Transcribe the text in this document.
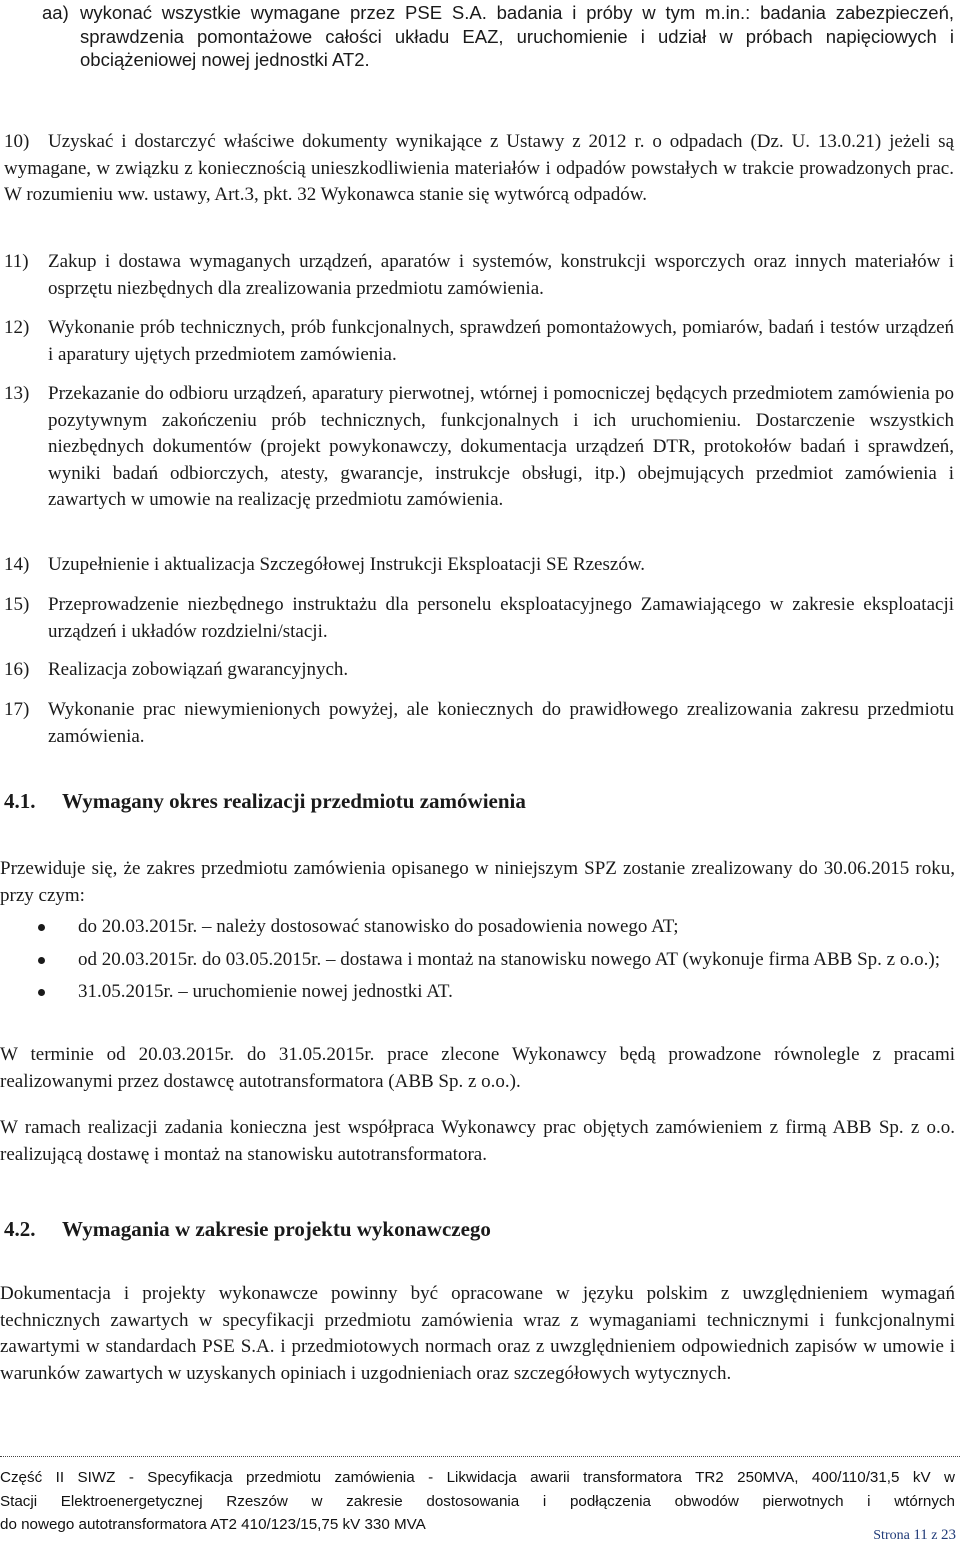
aa) wykonać wszystkie wymagane przez PSE S.A. badania i próby w tym m.in.: badania zabezpieczeń, sprawdzenia pomontażowe całości układu EAZ, uruchomienie i udział w próbach napięciowych i obciążeniowej nowej jednostki AT2.
10) Uzyskać i dostarczyć właściwe dokumenty wynikające z Ustawy z 2012 r. o odpadach (Dz. U. 13.0.21) jeżeli są wymagane, w związku z koniecznością unieszkodliwienia materiałów i odpadów powstałych w trakcie prowadzonych prac. W rozumieniu ww. ustawy, Art.3, pkt. 32 Wykonawca stanie się wytwórcą odpadów.
11) Zakup i dostawa wymaganych urządzeń, aparatów i systemów, konstrukcji wsporczych oraz innych materiałów i osprzętu niezbędnych dla zrealizowania przedmiotu zamówienia.
12) Wykonanie prób technicznych, prób funkcjonalnych, sprawdzeń pomontażowych, pomiarów, badań i testów urządzeń i aparatury ujętych przedmiotem zamówienia.
13) Przekazanie do odbioru urządzeń, aparatury pierwotnej, wtórnej i pomocniczej będących przedmiotem zamówienia po pozytywnym zakończeniu prób technicznych, funkcjonalnych i ich uruchomieniu. Dostarczenie wszystkich niezbędnych dokumentów (projekt powykonawczy, dokumentacja urządzeń DTR, protokołów badań i sprawdzeń, wyniki badań odbiorczych, atesty, gwarancje, instrukcje obsługi, itp.) obejmujących przedmiot zamówienia i zawartych w umowie na realizację przedmiotu zamówienia.
14) Uzupełnienie i aktualizacja Szczegółowej Instrukcji Eksploatacji SE Rzeszów.
15) Przeprowadzenie niezbędnego instruktażu dla personelu eksploatacyjnego Zamawiającego w zakresie eksploatacji urządzeń i układów rozdzielni/stacji.
16) Realizacja zobowiązań gwarancyjnych.
17) Wykonanie prac niewymienionych powyżej, ale koniecznych do prawidłowego zrealizowania zakresu przedmiotu zamówienia.
4.1. Wymagany okres realizacji przedmiotu zamówienia
Przewiduje się, że zakres przedmiotu zamówienia opisanego w niniejszym SPZ zostanie zrealizowany do 30.06.2015 roku, przy czym:
do 20.03.2015r. – należy dostosować stanowisko do posadowienia nowego AT;
od 20.03.2015r. do 03.05.2015r. – dostawa i montaż na stanowisku nowego AT (wykonuje firma ABB Sp. z o.o.);
31.05.2015r. – uruchomienie nowej jednostki AT.
W terminie od 20.03.2015r. do 31.05.2015r. prace zlecone Wykonawcy będą prowadzone równolegle z pracami realizowanymi przez dostawcę autotransformatora (ABB Sp. z o.o.).
W ramach realizacji zadania konieczna jest współpraca Wykonawcy prac objętych zamówieniem z firmą ABB Sp. z o.o. realizującą dostawę i montaż na stanowisku autotransformatora.
4.2. Wymagania w zakresie projektu wykonawczego
Dokumentacja i projekty wykonawcze powinny być opracowane w języku polskim z uwzględnieniem wymagań technicznych zawartych w specyfikacji przedmiotu zamówienia wraz z wymaganiami technicznymi i funkcjonalnymi zawartymi w standardach PSE S.A. i przedmiotowych normach oraz z uwzględnieniem odpowiednich zapisów w umowie i warunków zawartych w uzyskanych opiniach i uzgodnieniach oraz szczegółowych wytycznych.
Część II SIWZ - Specyfikacja przedmiotu zamówienia - Likwidacja awarii transformatora TR2 250MVA, 400/110/31,5 kV w
Stacji Elektroenergetycznej Rzeszów w zakresie dostosowania i podłączenia obwodów pierwotnych i wtórnych
do nowego autotransformatora AT2 410/123/15,75 kV 330 MVA
Strona 11 z 23
